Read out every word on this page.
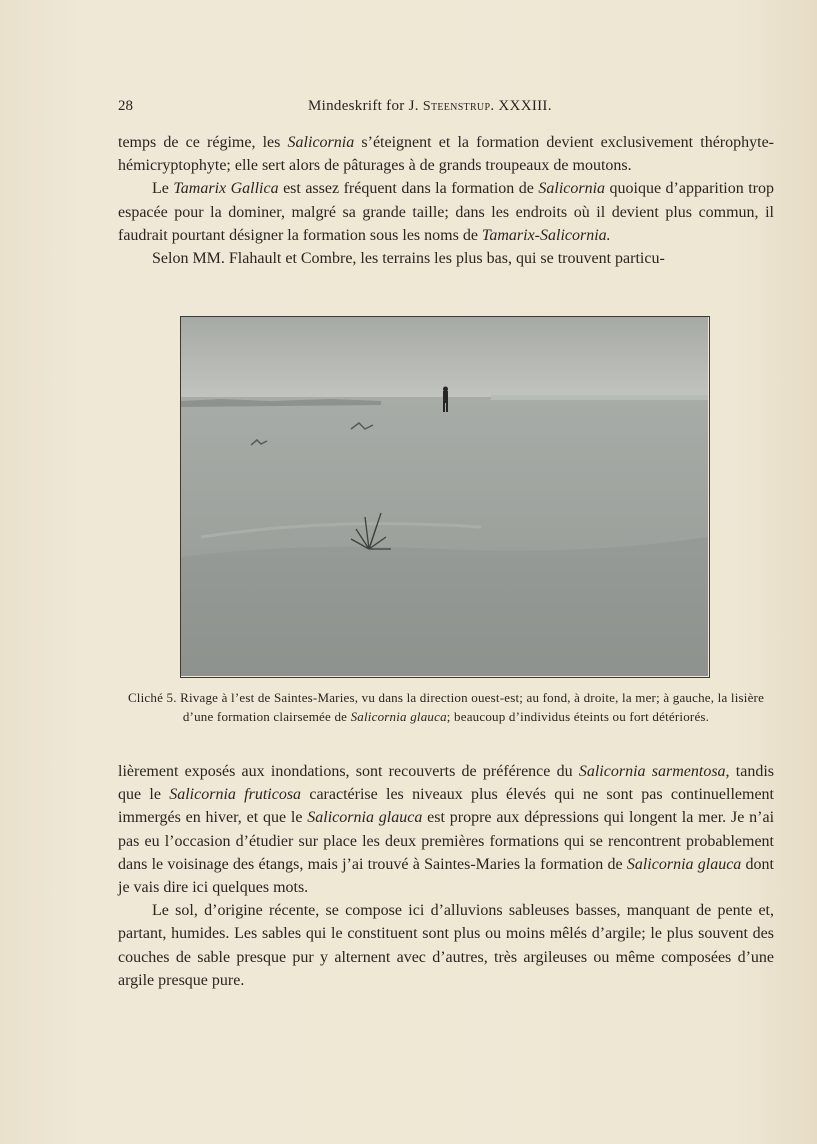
28	Mindeskrift for J. Steenstrup. XXXIII.

temps de ce régime, les Salicornia s’éteignent et la formation devient exclusivement thérophyte-hémicryptophyte; elle sert alors de pâturages à de grands troupeaux de moutons.

Le Tamarix Gallica est assez fréquent dans la formation de Salicornia quoique d’apparition trop espacée pour la dominer, malgré sa grande taille; dans les endroits où il devient plus commun, il faudrait pourtant désigner la formation sous les noms de Tamarix-Salicornia.

Selon MM. Flahault et Combre, les terrains les plus bas, qui se trouvent particu-

Cliché 5. Rivage à l’est de Saintes-Maries, vu dans la direction ouest-est; au fond, à droite, la mer; à gauche, la lisière d’une formation clairsemée de Salicornia glauca; beaucoup d’individus éteints ou fort détériorés.

lièrement exposés aux inondations, sont recouverts de préférence du Salicornia sarmentosa, tandis que le Salicornia fruticosa caractérise les niveaux plus élevés qui ne sont pas continuellement immergés en hiver, et que le Salicornia glauca est propre aux dépressions qui longent la mer. Je n’ai pas eu l’occasion d’étudier sur place les deux premières formations qui se rencontrent probablement dans le voisinage des étangs, mais j’ai trouvé à Saintes-Maries la formation de Salicornia glauca dont je vais dire ici quelques mots.

Le sol, d’origine récente, se compose ici d’alluvions sableuses basses, manquant de pente et, partant, humides. Les sables qui le constituent sont plus ou moins mêlés d’argile; le plus souvent des couches de sable presque pur y alternent avec d’autres, très argileuses ou même composées d’une argile presque pure.
